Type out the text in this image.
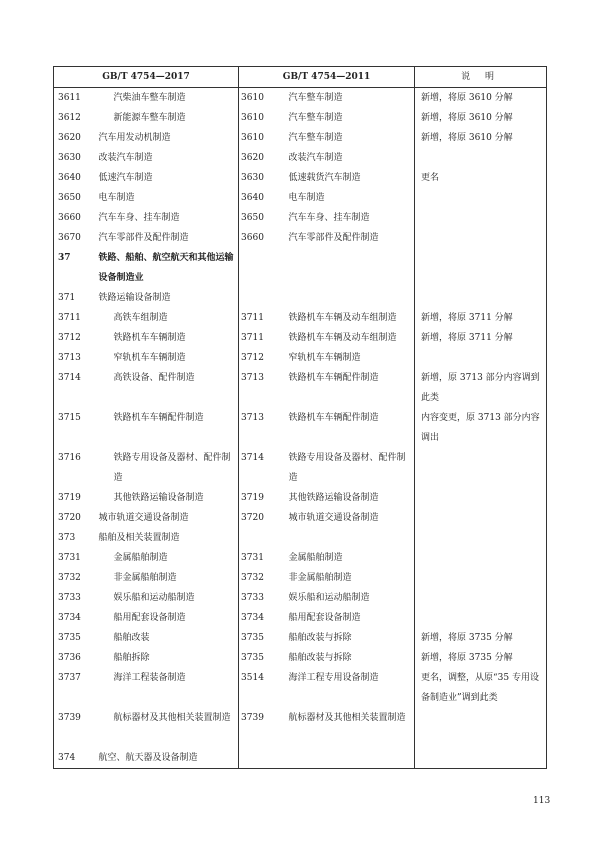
GB/T 4754—2017		GB/T 4754—2011		说 明
3611	汽柴油车整车制造	3610	汽车整车制造	新增，将原 3610 分解
3612	新能源车整车制造	3610	汽车整车制造	新增，将原 3610 分解
3620	汽车用发动机制造	3610	汽车整车制造	新增，将原 3610 分解
3630	改装汽车制造	3620	改装汽车制造	
3640	低速汽车制造	3630	低速载货汽车制造	更名
3650	电车制造	3640	电车制造	
3660	汽车车身、挂车制造	3650	汽车车身、挂车制造	
3670	汽车零部件及配件制造	3660	汽车零部件及配件制造	
37	铁路、船舶、航空航天和其他运输设备制造业			
371	铁路运输设备制造			
3711	高铁车组制造	3711	铁路机车车辆及动车组制造	新增，将原 3711 分解
3712	铁路机车车辆制造	3711	铁路机车车辆及动车组制造	新增，将原 3711 分解
3713	窄轨机车车辆制造	3712	窄轨机车车辆制造	
3714	高铁设备、配件制造	3713	铁路机车车辆配件制造	新增，原 3713 部分内容调到此类
3715	铁路机车车辆配件制造	3713	铁路机车车辆配件制造	内容变更，原 3713 部分内容调出
3716	铁路专用设备及器材、配件制造	3714	铁路专用设备及器材、配件制造	
3719	其他铁路运输设备制造	3719	其他铁路运输设备制造	
3720	城市轨道交通设备制造	3720	城市轨道交通设备制造	
373	船舶及相关装置制造			
3731	金属船舶制造	3731	金属船舶制造	
3732	非金属船舶制造	3732	非金属船舶制造	
3733	娱乐船和运动船制造	3733	娱乐船和运动船制造	
3734	船用配套设备制造	3734	船用配套设备制造	
3735	船舶改装	3735	船舶改装与拆除	新增，将原 3735 分解
3736	船舶拆除	3735	船舶改装与拆除	新增，将原 3735 分解
3737	海洋工程装备制造	3514	海洋工程专用设备制造	更名，调整，从原“35 专用设备制造业”调到此类
3739	航标器材及其他相关装置制造	3739	航标器材及其他相关装置制造	
374	航空、航天器及设备制造			
113
